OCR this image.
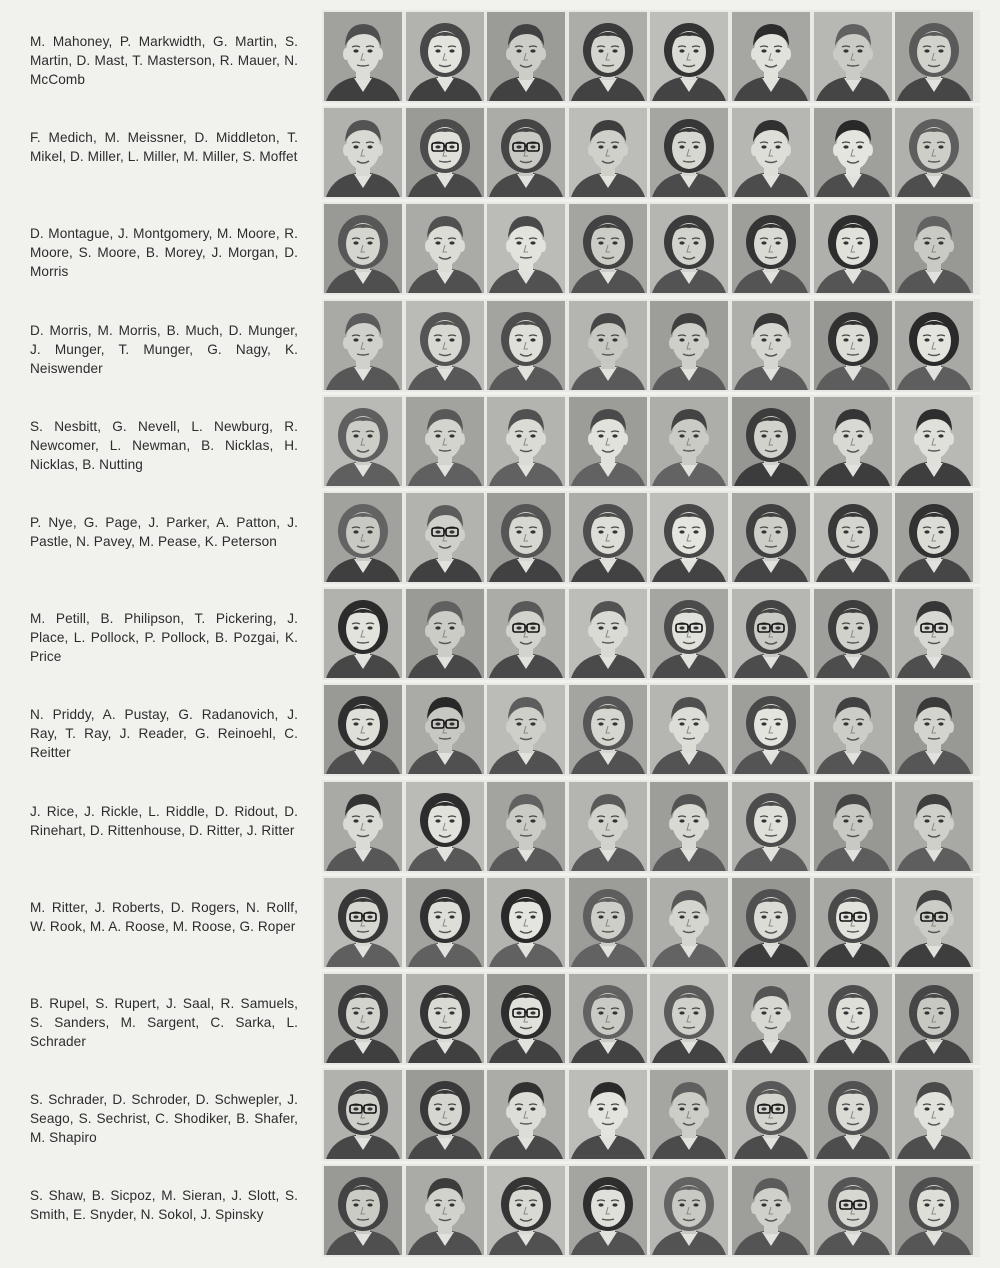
M. Mahoney, P. Markwidth, G. Martin, S. Martin, D. Mast, T. Masterson, R. Mauer, N. McComb
F. Medich, M. Meissner, D. Middleton, T. Mikel, D. Miller, L. Miller, M. Miller, S. Moffet
D. Montague, J. Montgomery, M. Moore, R. Moore, S. Moore, B. Morey, J. Morgan, D. Morris
D. Morris, M. Morris, B. Much, D. Munger, J. Munger, T. Munger, G. Nagy, K. Neiswender
S. Nesbitt, G. Nevell, L. Newburg, R. Newcomer, L. Newman, B. Nicklas, H. Nicklas, B. Nutting
P. Nye, G. Page, J. Parker, A. Patton, J. Pastle, N. Pavey, M. Pease, K. Peterson
M. Petill, B. Philipson, T. Pickering, J. Place, L. Pollock, P. Pollock, B. Pozgai, K. Price
N. Priddy, A. Pustay, G. Radanovich, J. Ray, T. Ray, J. Reader, G. Reinoehl, C. Reitter
J. Rice, J. Rickle, L. Riddle, D. Ridout, D. Rinehart, D. Rittenhouse, D. Ritter, J. Ritter
M. Ritter, J. Roberts, D. Rogers, N. Rollf, W. Rook, M. A. Roose, M. Roose, G. Roper
B. Rupel, S. Rupert, J. Saal, R. Samuels, S. Sanders, M. Sargent, C. Sarka, L. Schrader
S. Schrader, D. Schroder, D. Schwepler, J. Seago, S. Sechrist, C. Shodiker, B. Shafer, M. Shapiro
S. Shaw, B. Sicpoz, M. Sieran, J. Slott, S. Smith, E. Snyder, N. Sokol, J. Spinsky
